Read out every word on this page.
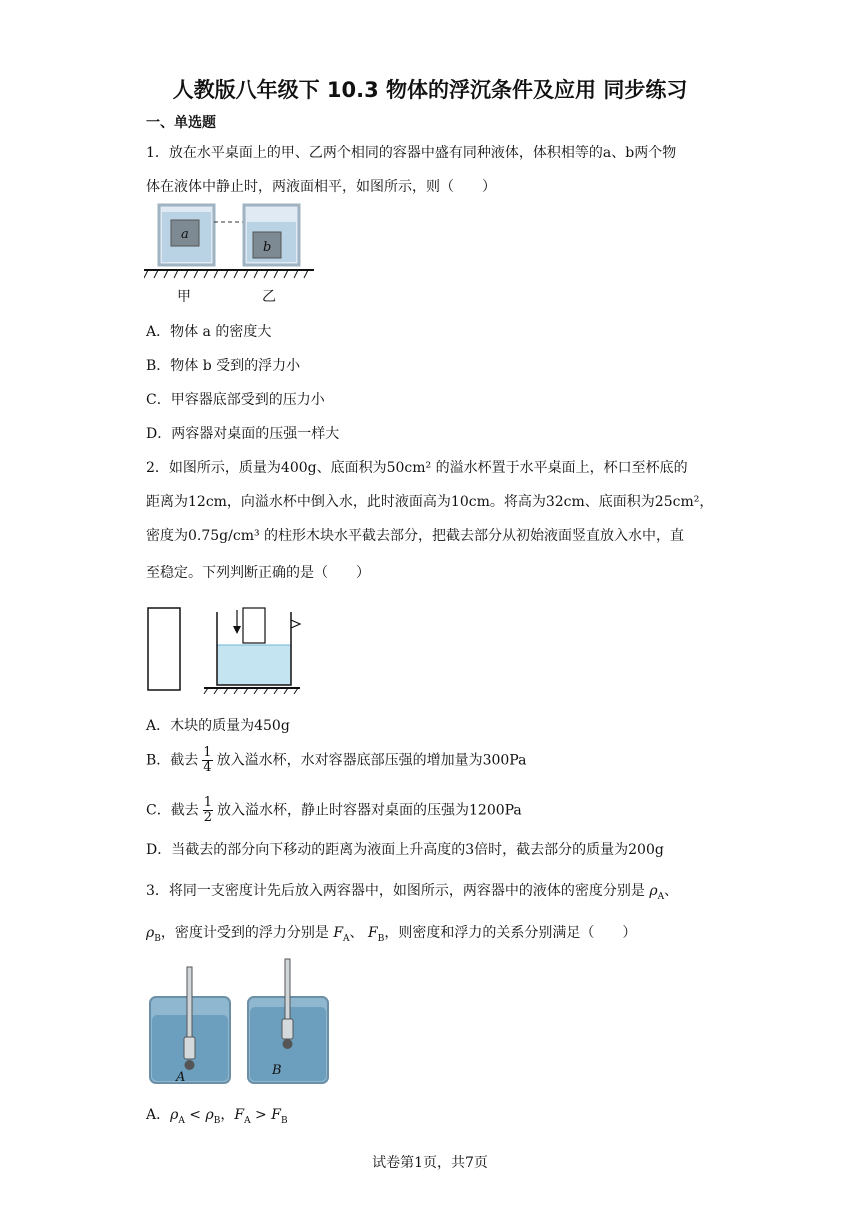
人教版八年级下 10.3 物体的浮沉条件及应用 同步练习
一、单选题
1．放在水平桌面上的甲、乙两个相同的容器中盛有同种液体，体积相等的a、b两个物
体在液体中静止时，两液面相平，如图所示，则（　　）
a
b
甲	乙
A．物体 a 的密度大
B．物体 b 受到的浮力小
C．甲容器底部受到的压力小
D．两容器对桌面的压强一样大
2．如图所示，质量为400g、底面积为50cm² 的溢水杯置于水平桌面上，杯口至杯底的
距离为12cm，向溢水杯中倒入水，此时液面高为10cm。将高为32cm、底面积为25cm²，
密度为0.75g/cm³ 的柱形木块水平截去部分，把截去部分从初始液面竖直放入水中，直
至稳定。下列判断正确的是（　　）
A．木块的质量为450g
B．截去 $\frac{1}{4}$ 放入溢水杯，水对容器底部压强的增加量为300Pa
C．截去 $\frac{1}{2}$ 放入溢水杯，静止时容器对桌面的压强为1200Pa
D．当截去的部分向下移动的距离为液面上升高度的3倍时，截去部分的质量为200g
3．将同一支密度计先后放入两容器中，如图所示，两容器中的液体的密度分别是 $\rho_A$、
$\rho_B$，密度计受到的浮力分别是 $F_A$、 $F_B$，则密度和浮力的关系分别满足（　　）
A	B
A．$\rho_A < \rho_B$，$F_A > F_B$
试卷第1页，共7页
